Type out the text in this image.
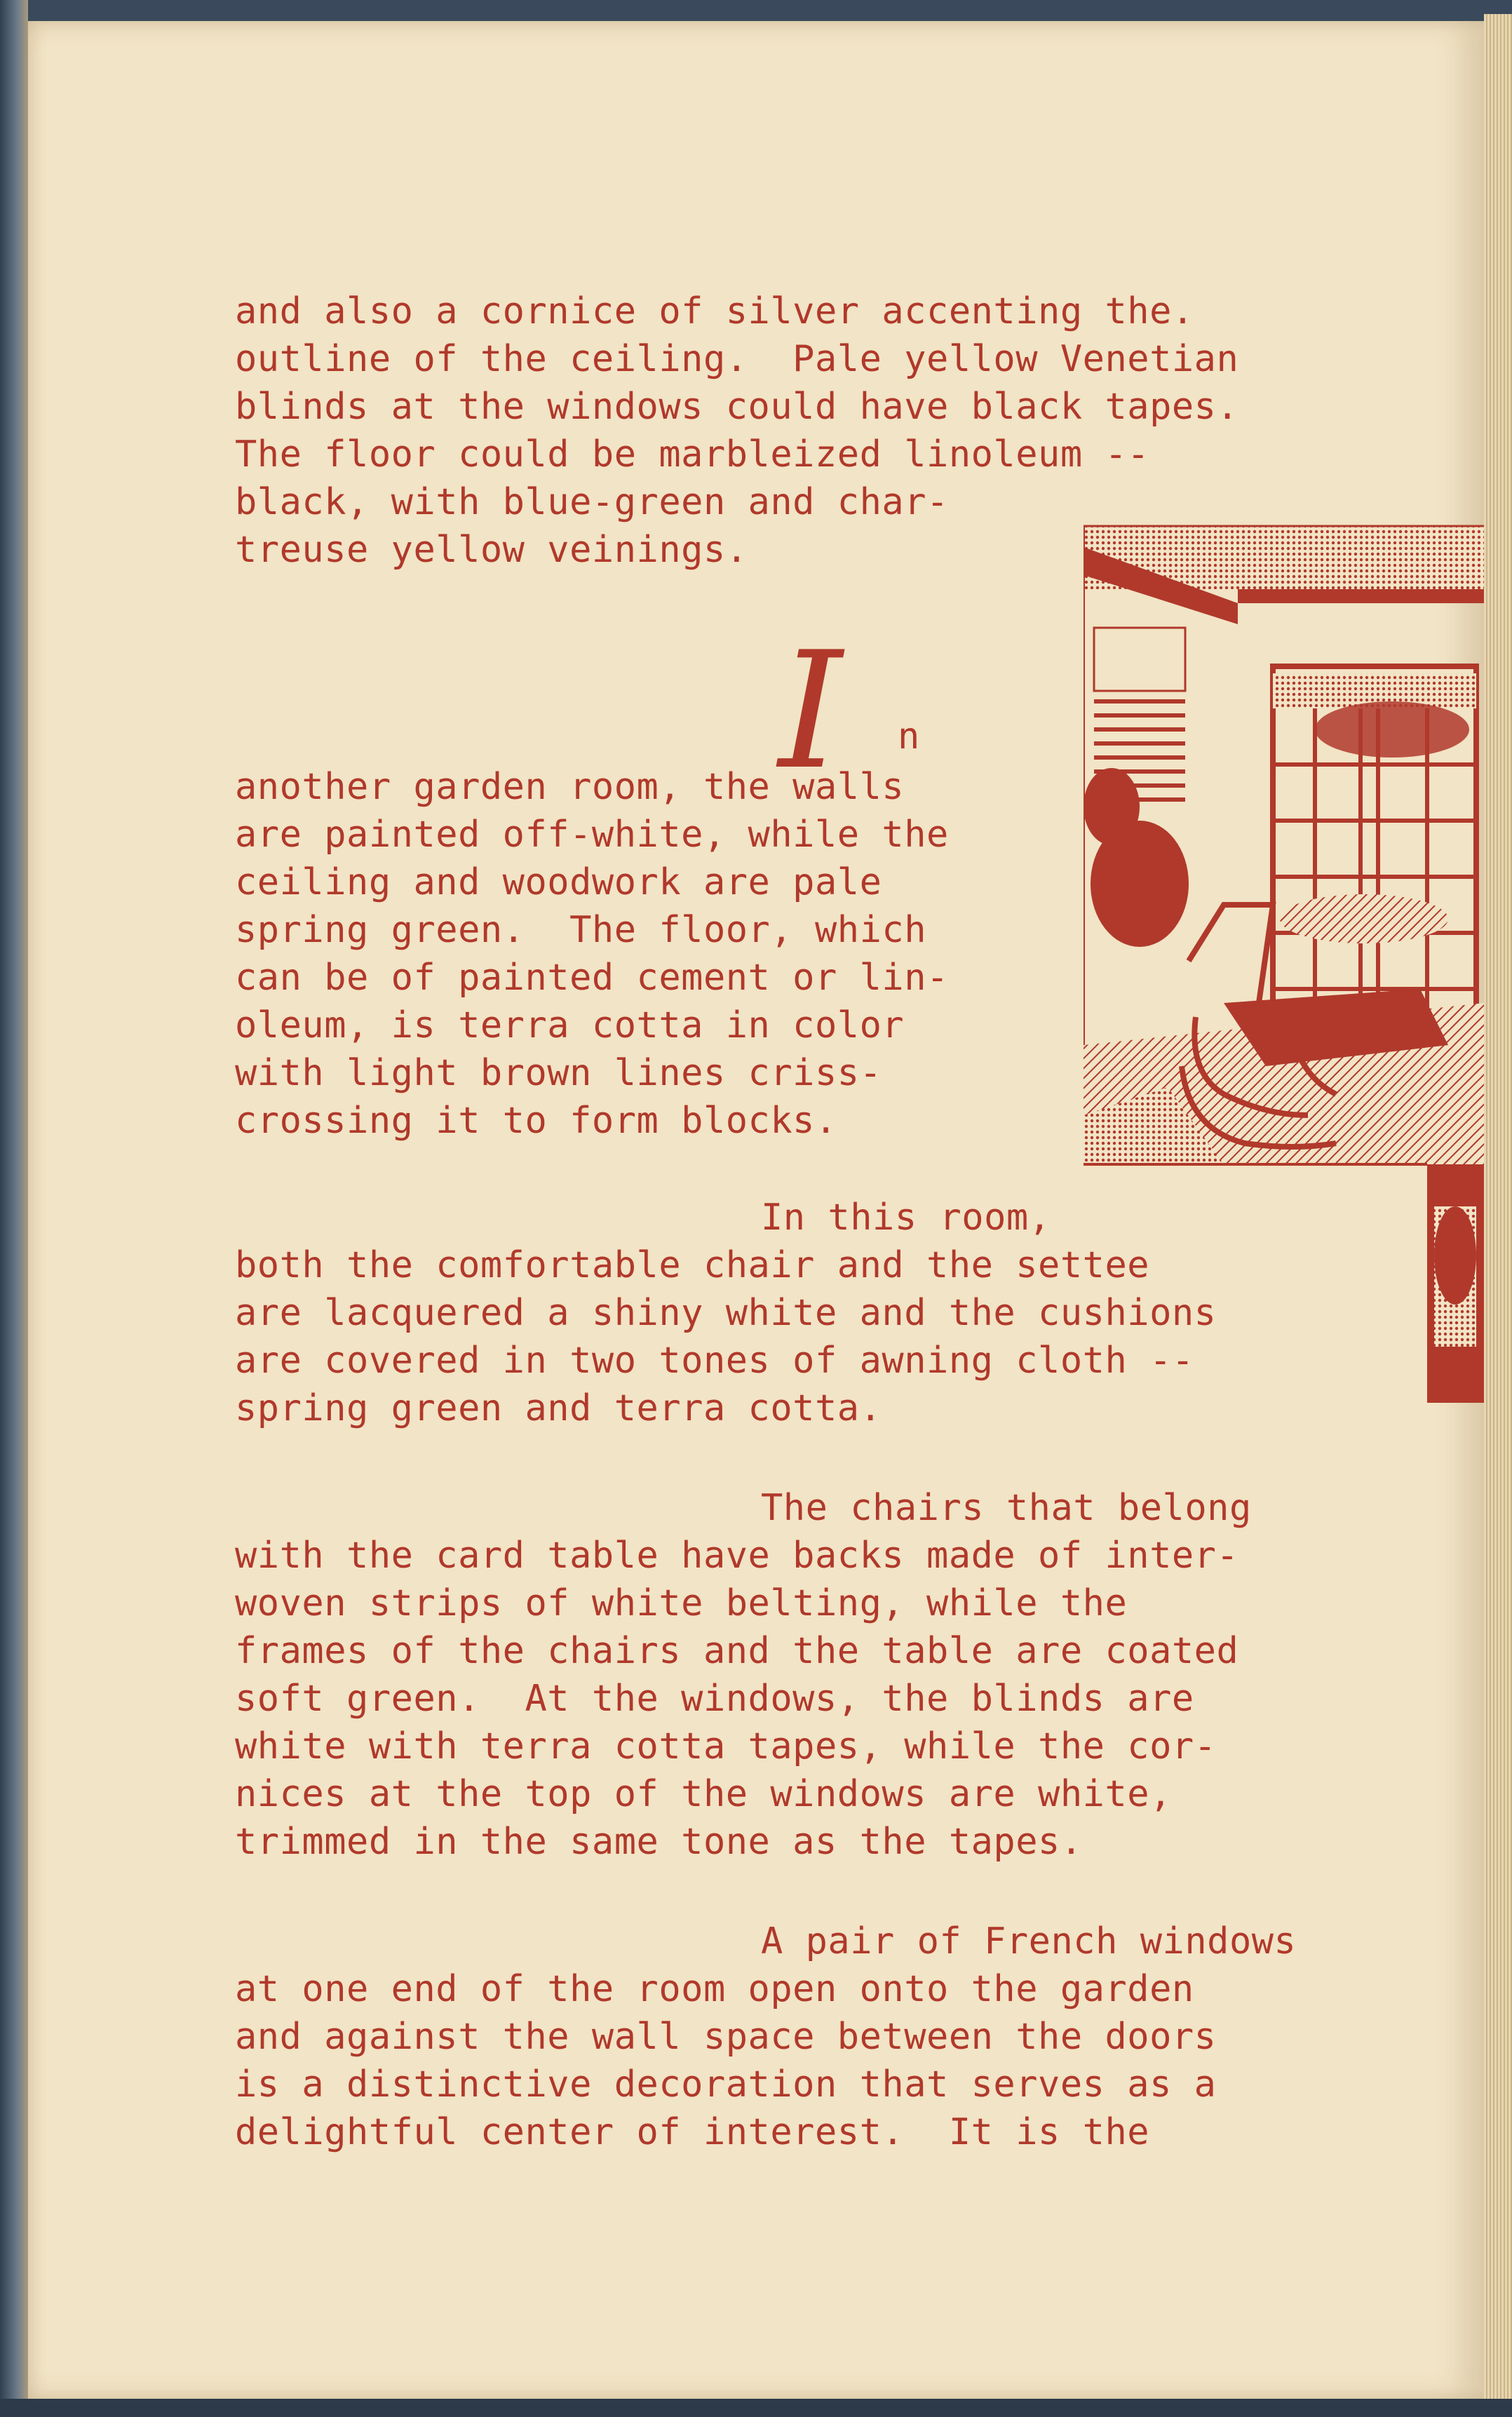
and also a cornice of silver accenting the.
outline of the ceiling.  Pale yellow Venetian
blinds at the windows could have black tapes.
The floor could be marbleized linoleum --
black, with blue-green and char-
treuse yellow veinings.
I n
another garden room, the walls
are painted off-white, while the
ceiling and woodwork are pale
spring green.  The floor, which
can be of painted cement or lin-
oleum, is terra cotta in color
with light brown lines criss-
crossing it to form blocks.
In this room,
both the comfortable chair and the settee
are lacquered a shiny white and the cushions
are covered in two tones of awning cloth --
spring green and terra cotta.
The chairs that belong
with the card table have backs made of inter-
woven strips of white belting, while the
frames of the chairs and the table are coated
soft green.  At the windows, the blinds are
white with terra cotta tapes, while the cor-
nices at the top of the windows are white,
trimmed in the same tone as the tapes.
A pair of French windows
at one end of the room open onto the garden
and against the wall space between the doors
is a distinctive decoration that serves as a
delightful center of interest.  It is the
